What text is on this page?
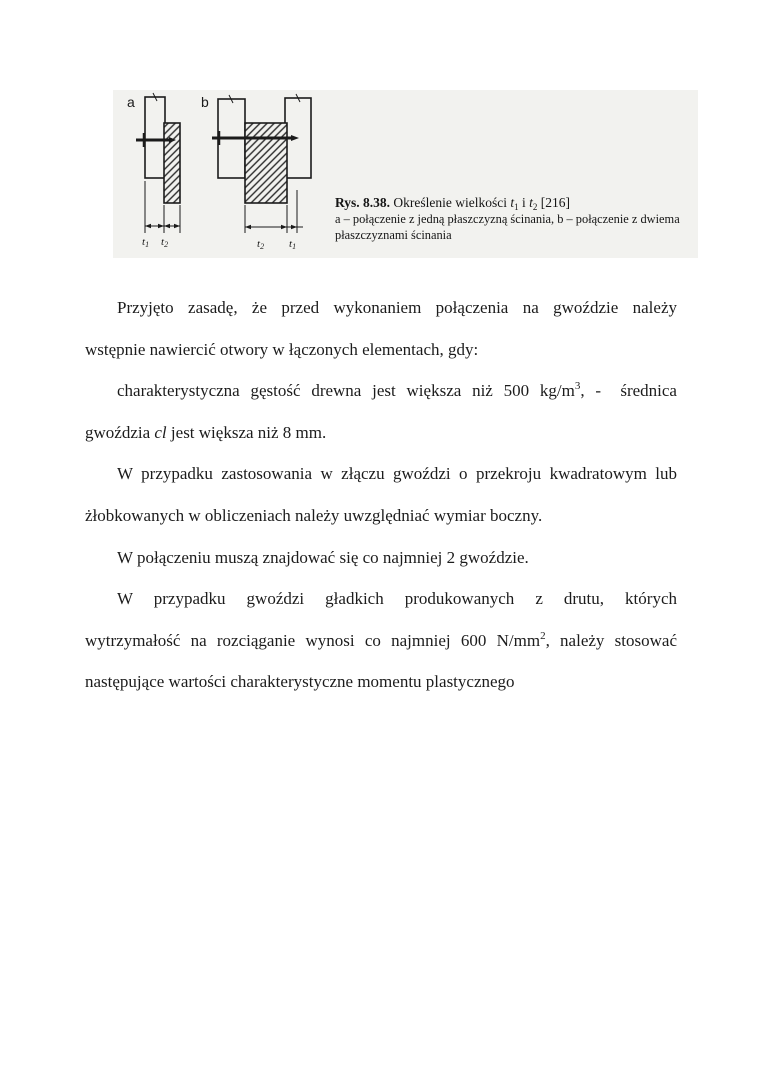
a	b
$t_1$ $t_2$	$t_2$ $t_1$
Rys. 8.38. Określenie wielkości $t_1$ i $t_2$ [216]
a – połączenie z jedną płaszczyzną ścinania, b – połączenie z dwiema
płaszczyznami ścinania
Przyjęto zasadę, że przed wykonaniem połączenia na gwoździe należy
wstępnie nawiercić otwory w łączonych elementach, gdy:
charakterystyczna gęstość drewna jest większa niż 500 $kg/m^3$, -  średnica
gwoździa cl jest większa niż 8 mm.
W przypadku zastosowania w złączu gwoździ o przekroju kwadratowym lub
żłobkowanych w obliczeniach należy uwzględniać wymiar boczny.
W połączeniu muszą znajdować się co najmniej 2 gwoździe.
W przypadku gwoździ gładkich produkowanych z drutu, których
wytrzymałość na rozciąganie wynosi co najmniej 600 $N/mm^2$, należy stosować
następujące wartości charakterystyczne momentu plastycznego
